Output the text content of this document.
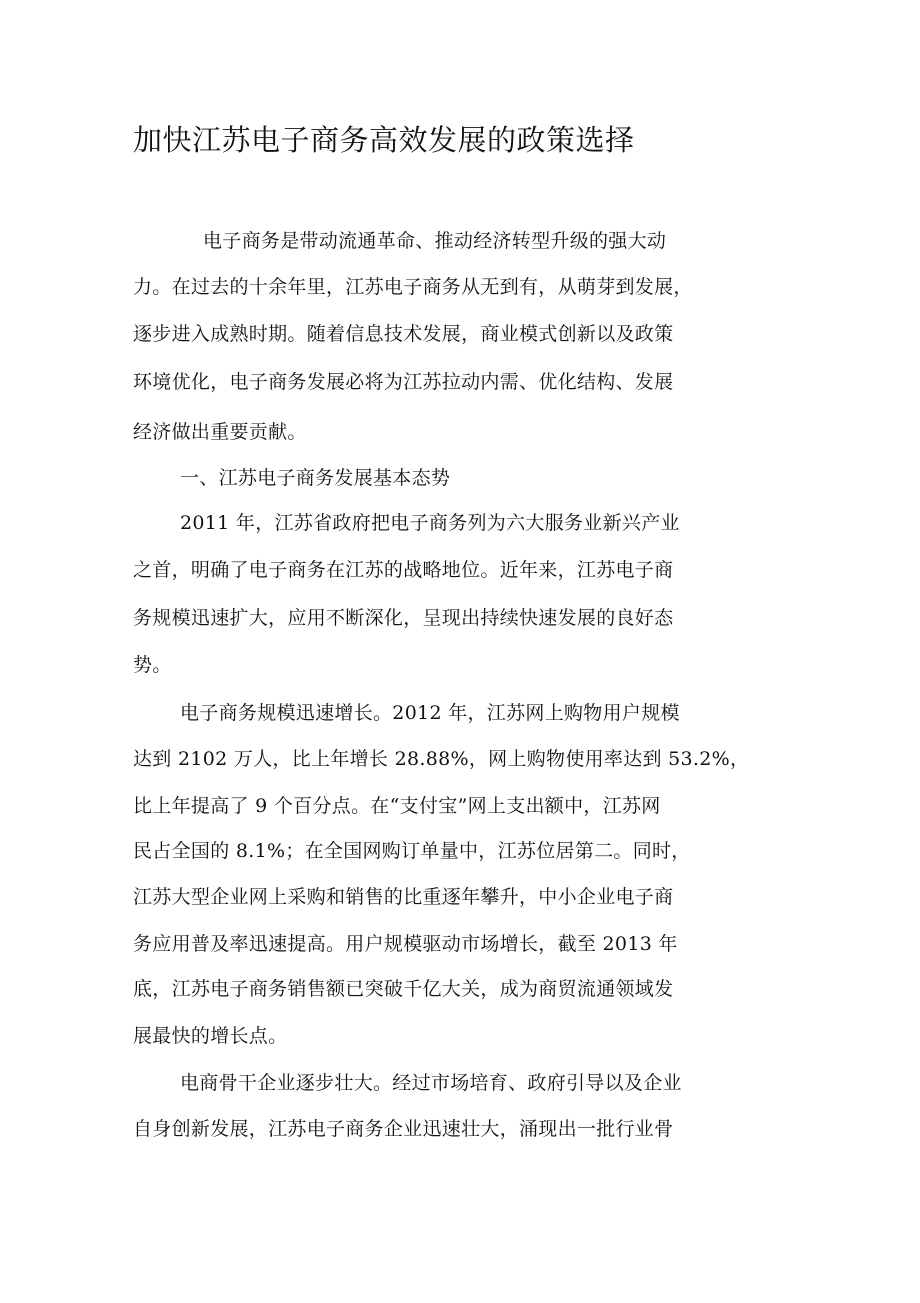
加快江苏电子商务高效发展的政策选择
电子商务是带动流通革命、推动经济转型升级的强大动
力。在过去的十余年里，江苏电子商务从无到有，从萌芽到发展，
逐步进入成熟时期。随着信息技术发展，商业模式创新以及政策
环境优化，电子商务发展必将为江苏拉动内需、优化结构、发展
经济做出重要贡献。
一、江苏电子商务发展基本态势
2011 年，江苏省政府把电子商务列为六大服务业新兴产业
之首，明确了电子商务在江苏的战略地位。近年来，江苏电子商
务规模迅速扩大，应用不断深化，呈现出持续快速发展的良好态
势。
电子商务规模迅速增长。2012 年，江苏网上购物用户规模
达到 2102 万人，比上年增长 28.88%，网上购物使用率达到 53.2%，
比上年提高了 9 个百分点。在“支付宝”网上支出额中，江苏网
民占全国的 8.1%；在全国网购订单量中，江苏位居第二。同时，
江苏大型企业网上采购和销售的比重逐年攀升，中小企业电子商
务应用普及率迅速提高。用户规模驱动市场增长，截至 2013 年
底，江苏电子商务销售额已突破千亿大关，成为商贸流通领域发
展最快的增长点。
电商骨干企业逐步壮大。经过市场培育、政府引导以及企业
自身创新发展，江苏电子商务企业迅速壮大，涌现出一批行业骨
